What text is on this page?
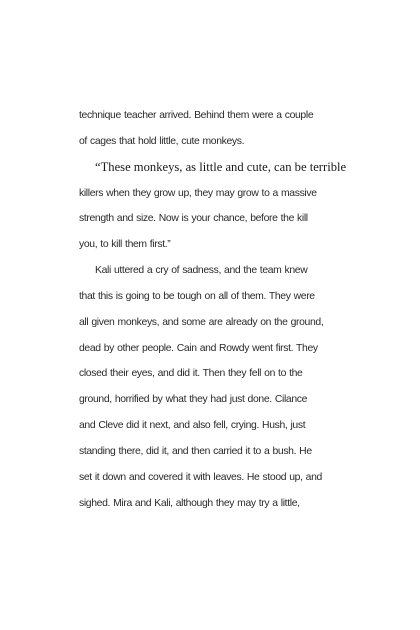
technique teacher arrived. Behind them were a couple
of cages that hold little, cute monkeys.
“These monkeys, as little and cute, can be terrible
killers when they grow up, they may grow to a massive
strength and size. Now is your chance, before the kill
you, to kill them first.”
Kali uttered a cry of sadness, and the team knew
that this is going to be tough on all of them. They were
all given monkeys, and some are already on the ground,
dead by other people. Cain and Rowdy went first. They
closed their eyes, and did it. Then they fell on to the
ground, horrified by what they had just done. Cilance
and Cleve did it next, and also fell, crying. Hush, just
standing there, did it, and then carried it to a bush. He
set it down and covered it with leaves. He stood up, and
sighed. Mira and Kali, although they may try a little,
